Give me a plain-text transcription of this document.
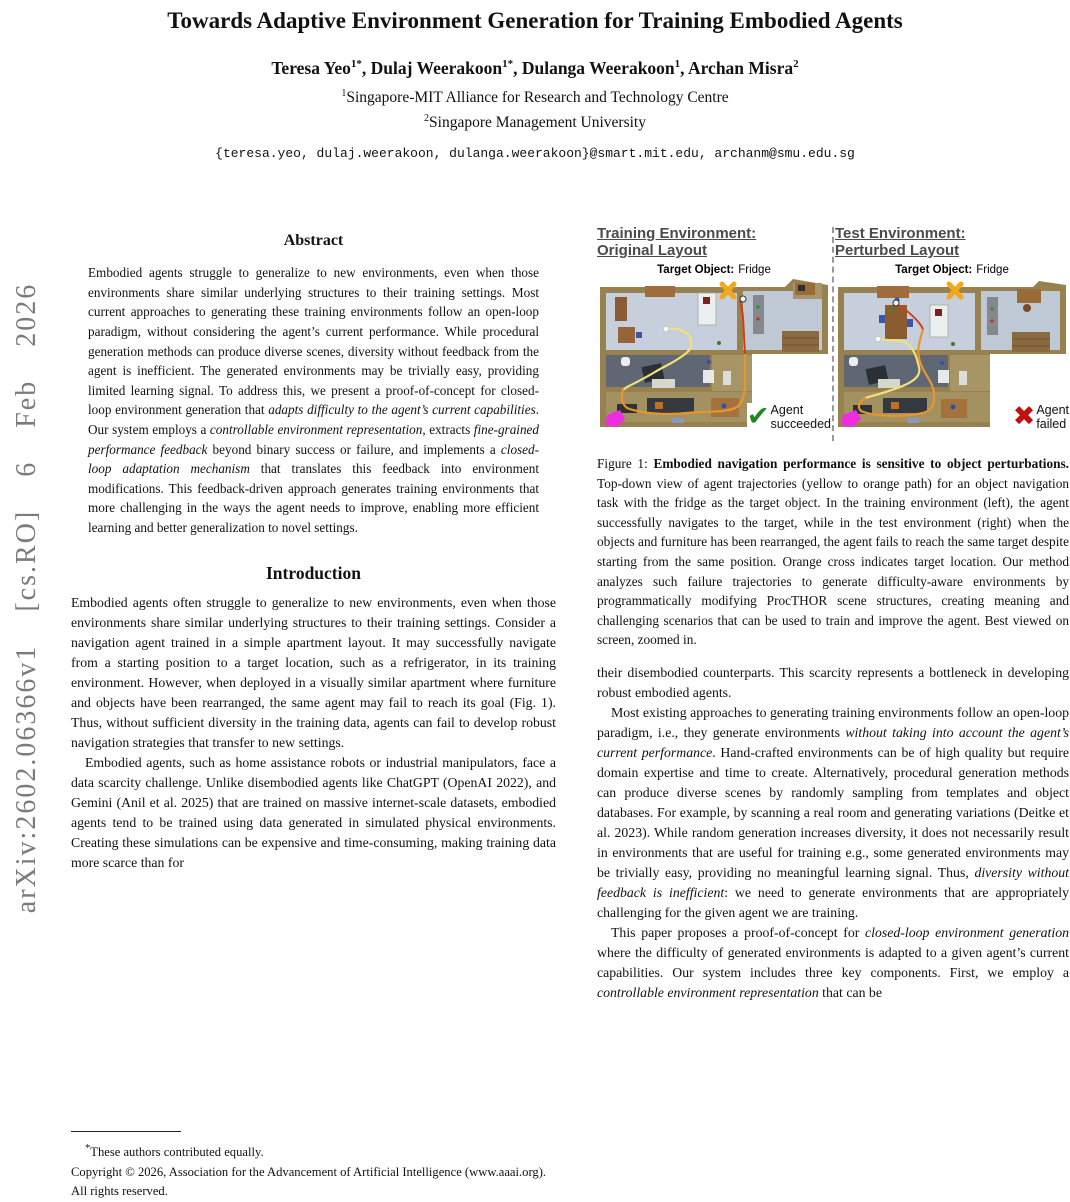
arXiv:2602.06366v1 [cs.RO] 6 Feb 2026
Towards Adaptive Environment Generation for Training Embodied Agents
Teresa Yeo$^{1*}$, Dulaj Weerakoon$^{1*}$, Dulanga Weerakoon$^1$, Archan Misra$^2$
$^1$Singapore-MIT Alliance for Research and Technology Centre
$^2$Singapore Management University
{teresa.yeo, dulaj.weerakoon, dulanga.weerakoon}@smart.mit.edu, archanm@smu.edu.sg
Abstract

Embodied agents struggle to generalize to new environments, even when those environments share similar underlying structures to their training settings. Most current approaches to generating these training environments follow an open-loop paradigm, without considering the agent’s current performance. While procedural generation methods can produce diverse scenes, diversity without feedback from the agent is inefficient. The generated environments may be trivially easy, providing limited learning signal. To address this, we present a proof-of-concept for closed-loop environment generation that adapts difficulty to the agent’s current capabilities. Our system employs a controllable environment representation, extracts fine-grained performance feedback beyond binary success or failure, and implements a closed-loop adaptation mechanism that translates this feedback into environment modifications. This feedback-driven approach generates training environments that more challenging in the ways the agent needs to improve, enabling more efficient learning and better generalization to novel settings.

Introduction

Embodied agents often struggle to generalize to new environments, even when those environments share similar underlying structures to their training settings. Consider a navigation agent trained in a simple apartment layout. It may successfully navigate from a starting position to a target location, such as a refrigerator, in its training environment. However, when deployed in a visually similar apartment where furniture and objects have been rearranged, the same agent may fail to reach its goal (Fig. 1). Thus, without sufficient diversity in the training data, agents can fail to develop robust navigation strategies that transfer to new settings.

Embodied agents, such as home assistance robots or industrial manipulators, face a data scarcity challenge. Unlike disembodied agents like ChatGPT (OpenAI 2022), and Gemini (Anil et al. 2025) that are trained on massive internet-scale datasets, embodied agents tend to be trained using data generated in simulated physical environments. Creating these simulations can be expensive and time-consuming, making training data more scarce than for

*These authors contributed equally.
Copyright © 2026, Association for the Advancement of Artificial Intelligence (www.aaai.org). All rights reserved.
Training Environment:
Original Layout
Target Object: Fridge
✔ Agent
succeeded
Test Environment:
Perturbed Layout
Target Object: Fridge
✖ Agent
failed

Figure 1: Embodied navigation performance is sensitive to object perturbations. Top-down view of agent trajectories (yellow to orange path) for an object navigation task with the fridge as the target object. In the training environment (left), the agent successfully navigates to the target, while in the test environment (right) when the objects and furniture has been rearranged, the agent fails to reach the same target despite starting from the same position. Orange cross indicates target location. Our method analyzes such failure trajectories to generate difficulty-aware environments by programmatically modifying ProcTHOR scene structures, creating meaning and challenging scenarios that can be used to train and improve the agent. Best viewed on screen, zoomed in.

their disembodied counterparts. This scarcity represents a bottleneck in developing robust embodied agents.

Most existing approaches to generating training environments follow an open-loop paradigm, i.e., they generate environments without taking into account the agent’s current performance. Hand-crafted environments can be of high quality but require domain expertise and time to create. Alternatively, procedural generation methods can produce diverse scenes by randomly sampling from templates and object databases. For example, by scanning a real room and generating variations (Deitke et al. 2023). While random generation increases diversity, it does not necessarily result in environments that are useful for training e.g., some generated environments may be trivially easy, providing no meaningful learning signal. Thus, diversity without feedback is inefficient: we need to generate environments that are appropriately challenging for the given agent we are training.

This paper proposes a proof-of-concept for closed-loop environment generation where the difficulty of generated environments is adapted to a given agent’s current capabilities. Our system includes three key components. First, we employ a controllable environment representation that can be
